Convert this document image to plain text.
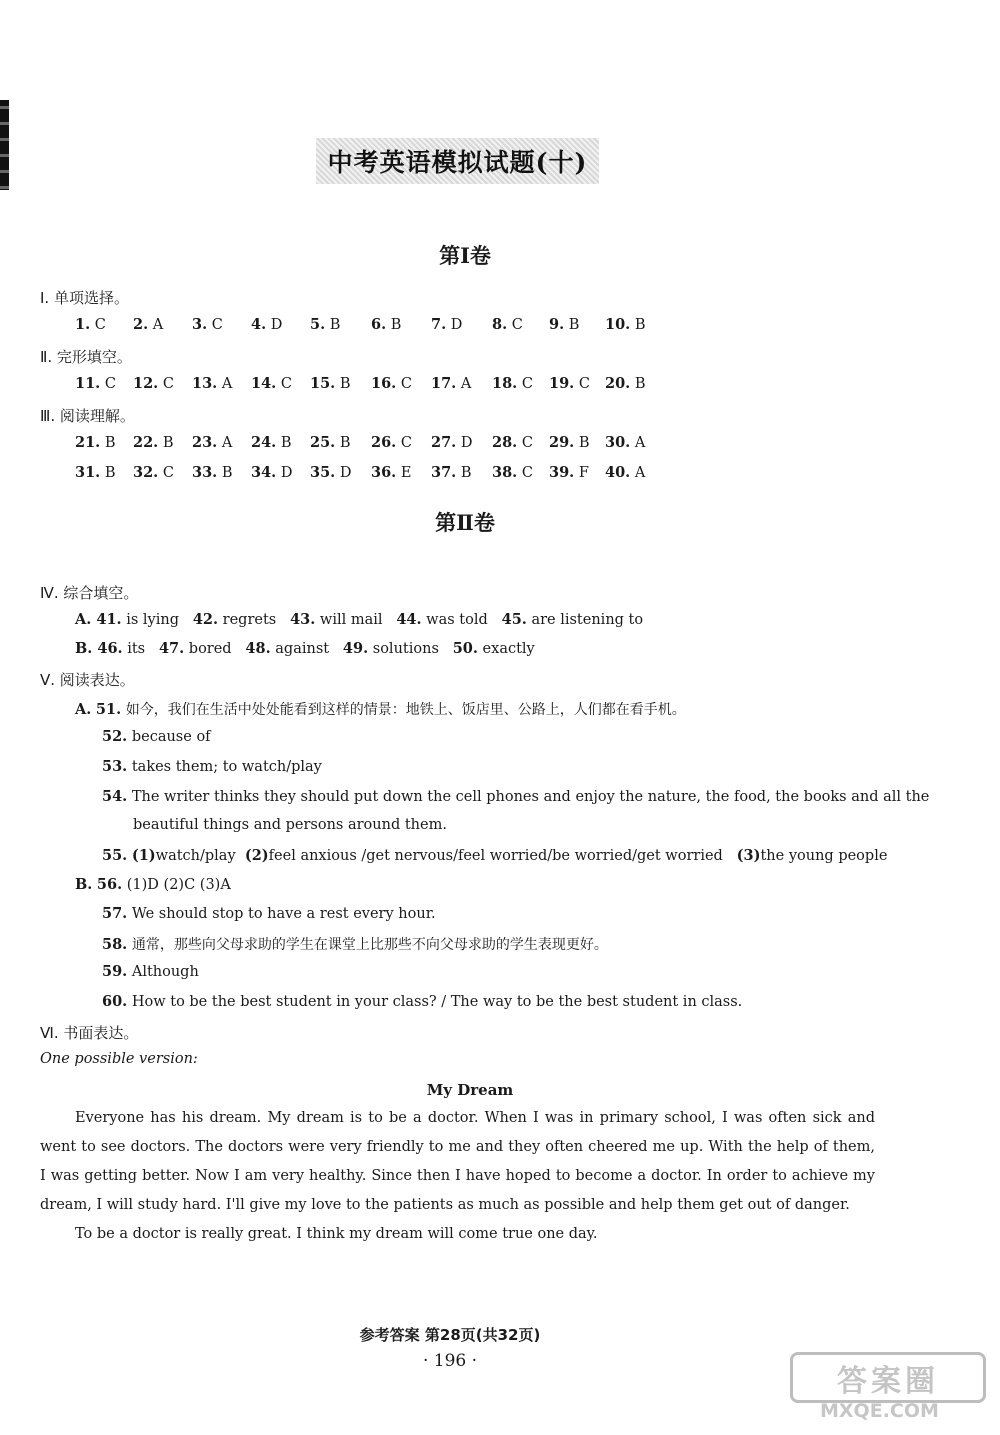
中考英语模拟试题(十)
第Ⅰ卷
Ⅰ. 单项选择。
1. C 2. A 3. C 4. D 5. B 6. B 7. D 8. C 9. B 10. B
Ⅱ. 完形填空。
11. C 12. C 13. A 14. C 15. B 16. C 17. A 18. C 19. C 20. B
Ⅲ. 阅读理解。
21. B 22. B 23. A 24. B 25. B 26. C 27. D 28. C 29. B 30. A
31. B 32. C 33. B 34. D 35. D 36. E 37. B 38. C 39. F 40. A
第Ⅱ卷
Ⅳ. 综合填空。
A. 41. is lying   42. regrets   43. will mail   44. was told   45. are listening to
B. 46. its   47. bored   48. against   49. solutions   50. exactly
Ⅴ. 阅读表达。
A. 51. 如今，我们在生活中处处能看到这样的情景：地铁上、饭店里、公路上，人们都在看手机。
52. because of
53. takes them; to watch/play
54. The writer thinks they should put down the cell phones and enjoy the nature, the food, the books and all the
beautiful things and persons around them.
55. (1)watch/play (2)feel anxious /get nervous/feel worried/be worried/get worried (3)the young people
B. 56. (1)D (2)C (3)A
57. We should stop to have a rest every hour.
58. 通常，那些向父母求助的学生在课堂上比那些不向父母求助的学生表现更好。
59. Although
60. How to be the best student in your class? / The way to be the best student in class.
Ⅵ. 书面表达。
One possible version:
My Dream
Everyone has his dream. My dream is to be a doctor. When I was in primary school, I was often sick and went to see doctors. The doctors were very friendly to me and they often cheered me up. With the help of them, I was getting better. Now I am very healthy. Since then I have hoped to become a doctor. In order to achieve my dream, I will study hard. I'll give my love to the patients as much as possible and help them get out of danger.
To be a doctor is really great. I think my dream will come true one day.
参考答案 第28页(共32页)
· 196 ·
答案圈
MXQE.COM
